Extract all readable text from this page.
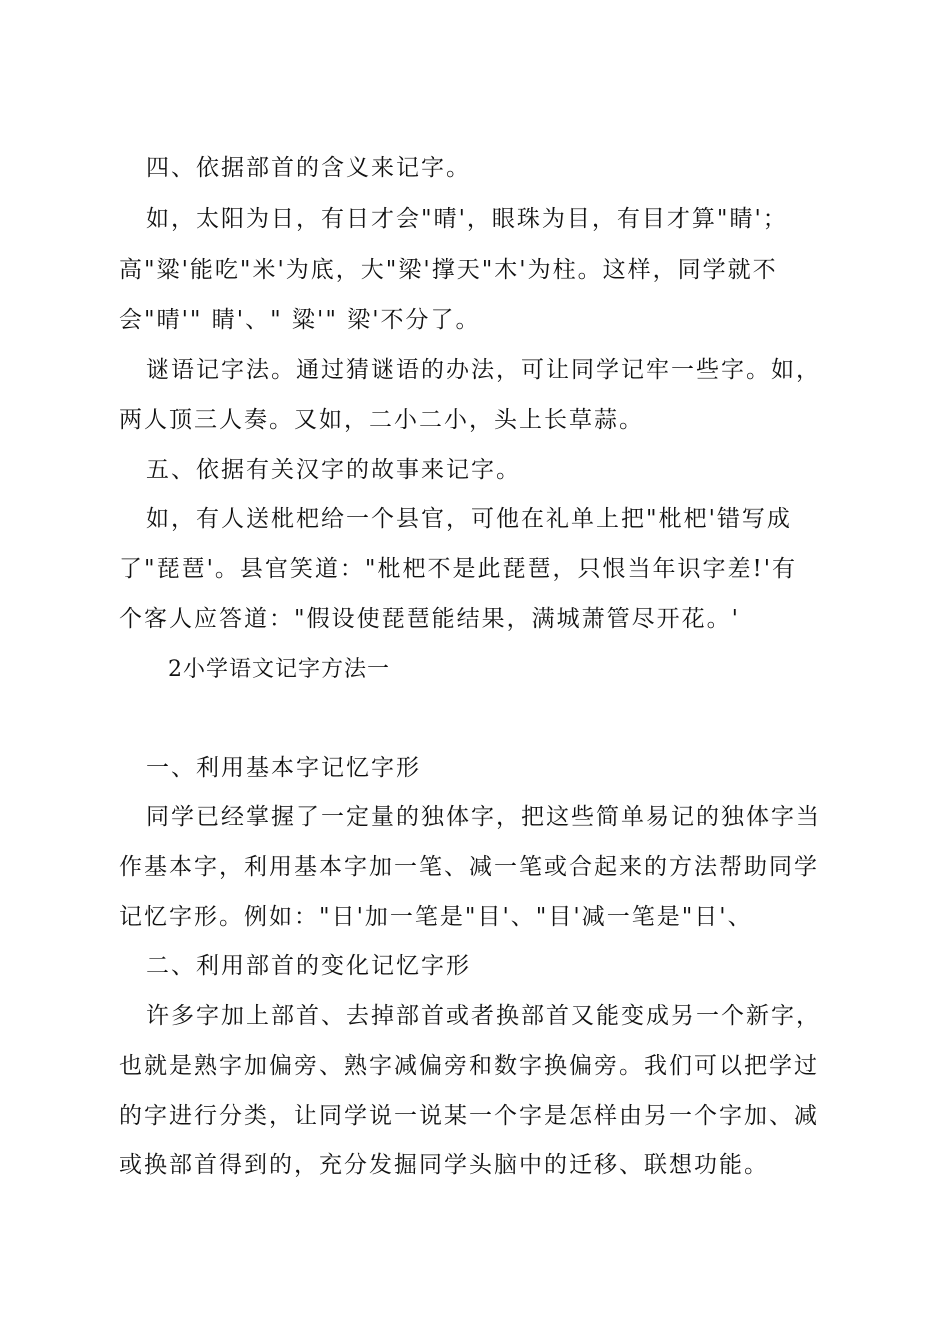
四、依据部首的含义来记字。
如，太阳为日，有日才会"晴'，眼珠为目，有目才算"睛'；
高"粱'能吃"米'为底，大"梁'撑天"木'为柱。这样，同学就不
会"晴'" 睛'、" 粱'" 梁'不分了。
谜语记字法。通过猜谜语的办法，可让同学记牢一些字。如，
两人顶三人奏。又如，二小二小，头上长草蒜。
五、依据有关汉字的故事来记字。
如，有人送枇杷给一个县官，可他在礼单上把"枇杷'错写成
了"琵琶'。县官笑道："枇杷不是此琵琶，只恨当年识字差!'有
个客人应答道："假设使琵琶能结果，满城萧管尽开花。'
2小学语文记字方法一
一、利用基本字记忆字形
同学已经掌握了一定量的独体字，把这些简单易记的独体字当
作基本字，利用基本字加一笔、减一笔或合起来的方法帮助同学
记忆字形。例如："日'加一笔是"目'、"目'减一笔是"日'、
二、利用部首的变化记忆字形
许多字加上部首、去掉部首或者换部首又能变成另一个新字，
也就是熟字加偏旁、熟字减偏旁和数字换偏旁。我们可以把学过
的字进行分类，让同学说一说某一个字是怎样由另一个字加、减
或换部首得到的，充分发掘同学头脑中的迁移、联想功能。
